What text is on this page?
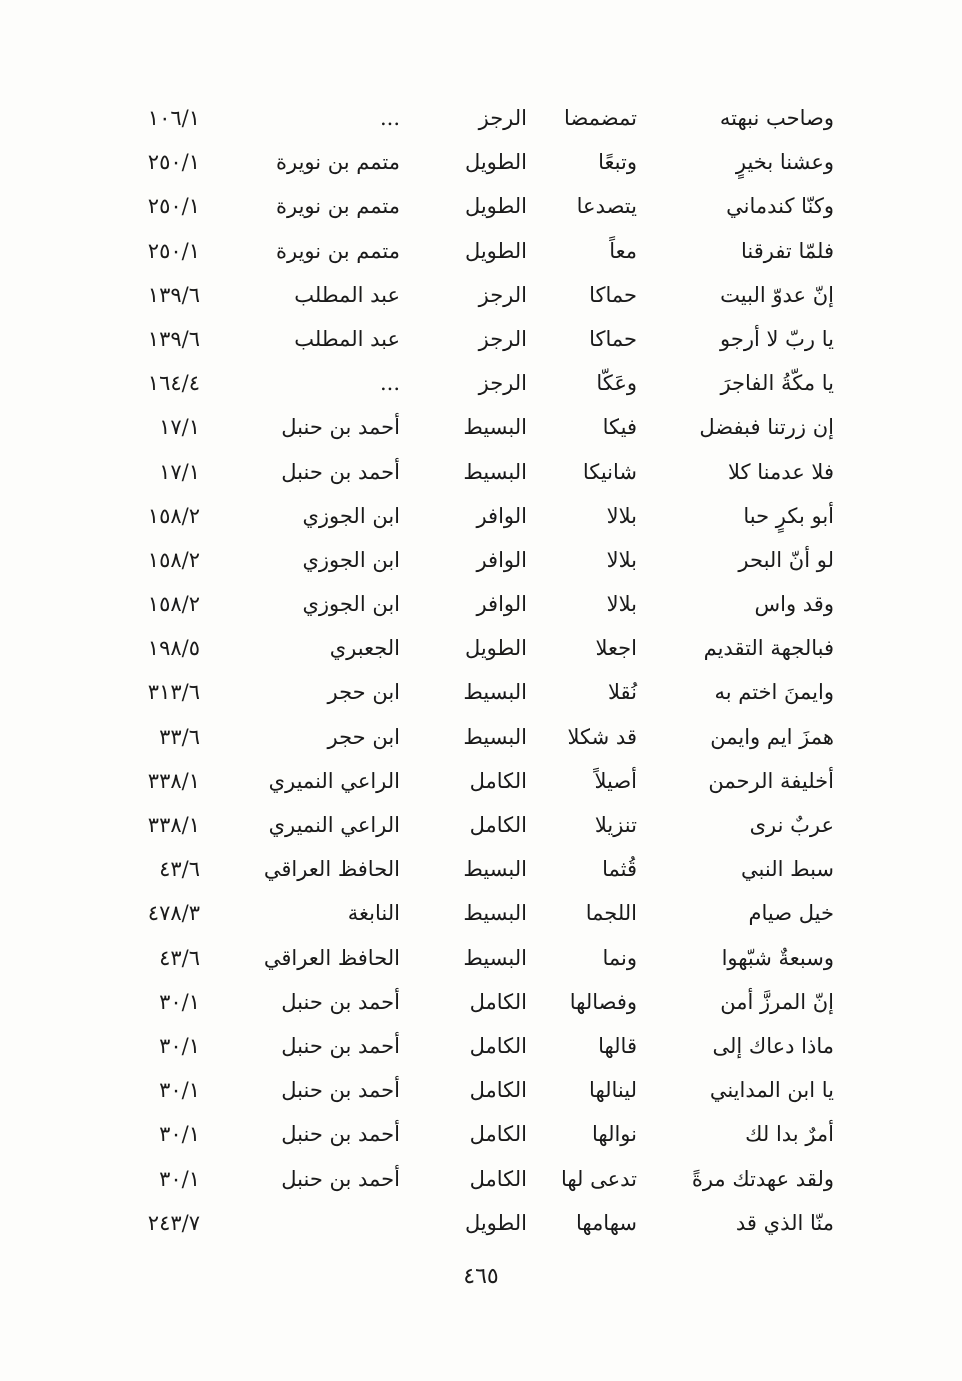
وصاحب نبهته
تمضمضا
الرجز
...
١٠٦/١
وعشنا بخيرٍ
وتبعًا
الطويل
متمم بن نويرة
٢٥٠/١
وكنّا كندماني
يتصدعا
الطويل
متمم بن نويرة
٢٥٠/١
فلمّا تفرقنا
معاً
الطويل
متمم بن نويرة
٢٥٠/١
إنّ عدوّ البيت
حماكا
الرجز
عبد المطلب
١٣٩/٦
يا ربّ لا أرجو
حماكا
الرجز
عبد المطلب
١٣٩/٦
يا مكّةُ الفاجرَ
وعَكّا
الرجز
...
١٦٤/٤
إن زرتنا فبفضل
فيكا
البسيط
أحمد بن حنبل
١٧/١
فلا عدمنا كلا
شانيكا
البسيط
أحمد بن حنبل
١٧/١
أبو بكرٍ حبا
بلالا
الوافر
ابن الجوزي
١٥٨/٢
لو أنّ البحر
بلالا
الوافر
ابن الجوزي
١٥٨/٢
وقد واس
بلالا
الوافر
ابن الجوزي
١٥٨/٢
فبالجهة التقديم
اجعلا
الطويل
الجعبري
١٩٨/٥
وايمنَ اختم به
نُقلا
البسيط
ابن حجر
٣١٣/٦
همزَ ايم وايمن
قد شكلا
البسيط
ابن حجر
٣٣/٦
أخليفة الرحمن
أصيلاً
الكامل
الراعي النميري
٣٣٨/١
عربٌ نرى
تنزيلا
الكامل
الراعي النميري
٣٣٨/١
سبط النبي
قُثما
البسيط
الحافظ العراقي
٤٣/٦
خيل صيام
اللجما
البسيط
النابغة
٤٧٨/٣
وسبعةٌ شبّهوا
ونما
البسيط
الحافظ العراقي
٤٣/٦
إنّ المرزَّ أمن
وفصالها
الكامل
أحمد بن حنبل
٣٠/١
ماذا دعاك إلى
قالها
الكامل
أحمد بن حنبل
٣٠/١
يا ابن المدايني
لينالها
الكامل
أحمد بن حنبل
٣٠/١
أمرٌ بدا لك
نوالها
الكامل
أحمد بن حنبل
٣٠/١
ولقد عهدتك مرةً
تدعى لها
الكامل
أحمد بن حنبل
٣٠/١
منّا الذي قد
سهامها
الطويل
٢٤٣/٧
٤٦٥
